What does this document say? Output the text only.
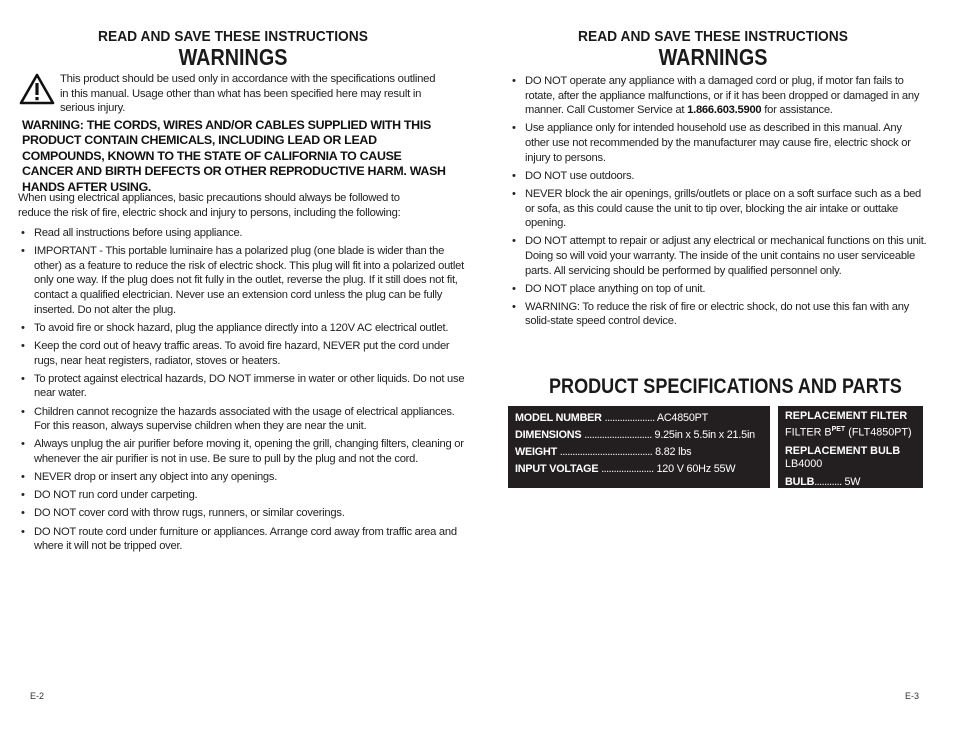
READ AND SAVE THESE INSTRUCTIONS
WARNINGS
This product should be used only in accordance with the specifications outlined in this manual. Usage other than what has been specified here may result in serious injury.
WARNING: THE CORDS, WIRES AND/OR CABLES SUPPLIED WITH THIS PRODUCT CONTAIN CHEMICALS, INCLUDING LEAD OR LEAD COMPOUNDS, KNOWN TO THE STATE OF CALIFORNIA TO CAUSE CANCER AND BIRTH DEFECTS OR OTHER REPRODUCTIVE HARM. WASH HANDS AFTER USING.
When using electrical appliances, basic precautions should always be followed to reduce the risk of fire, electric shock and injury to persons, including the following:
• Read all instructions before using appliance.
• IMPORTANT - This portable luminaire has a polarized plug (one blade is wider than the other) as a feature to reduce the risk of electric shock. This plug will fit into a polarized outlet only one way. If the plug does not fit fully in the outlet, reverse the plug. If it still does not fit, contact a qualified electrician. Never use an extension cord unless the plug can be fully inserted. Do not alter the plug.
• To avoid fire or shock hazard, plug the appliance directly into a 120V AC electrical outlet.
• Keep the cord out of heavy traffic areas. To avoid fire hazard, NEVER put the cord under rugs, near heat registers, radiator, stoves or heaters.
• To protect against electrical hazards, DO NOT immerse in water or other liquids. Do not use near water.
• Children cannot recognize the hazards associated with the usage of electrical appliances. For this reason, always supervise children when they are near the unit.
• Always unplug the air purifier before moving it, opening the grill, changing filters, cleaning or whenever the air purifier is not in use. Be sure to pull by the plug and not the cord.
• NEVER drop or insert any object into any openings.
• DO NOT run cord under carpeting.
• DO NOT cover cord with throw rugs, runners, or similar coverings.
• DO NOT route cord under furniture or appliances. Arrange cord away from traffic area and where it will not be tripped over.
E-2
READ AND SAVE THESE INSTRUCTIONS
WARNINGS
• DO NOT operate any appliance with a damaged cord or plug, if motor fan fails to rotate, after the appliance malfunctions, or if it has been dropped or damaged in any manner. Call Customer Service at 1.866.603.5900 for assistance.
• Use appliance only for intended household use as described in this manual. Any other use not recommended by the manufacturer may cause fire, electric shock or injury to persons.
• DO NOT use outdoors.
• NEVER block the air openings, grills/outlets or place on a soft surface such as a bed or sofa, as this could cause the unit to tip over, blocking the air intake or outtake opening.
• DO NOT attempt to repair or adjust any electrical or mechanical functions on this unit. Doing so will void your warranty. The inside of the unit contains no user serviceable parts. All servicing should be performed by qualified personnel only.
• DO NOT place anything on top of unit.
• WARNING: To reduce the risk of fire or electric shock, do not use this fan with any solid-state speed control device.
PRODUCT SPECIFICATIONS AND PARTS
MODEL NUMBER .................... AC4850PT
DIMENSIONS ........................... 9.25in x 5.5in x 21.5in
WEIGHT ..................................... 8.82 lbs
INPUT VOLTAGE ..................... 120 V 60Hz 55W
REPLACEMENT FILTER
FILTER $B^{PET}$ (FLT4850PT)
REPLACEMENT BULB
LB4000
BULB........... 5W
E-3
